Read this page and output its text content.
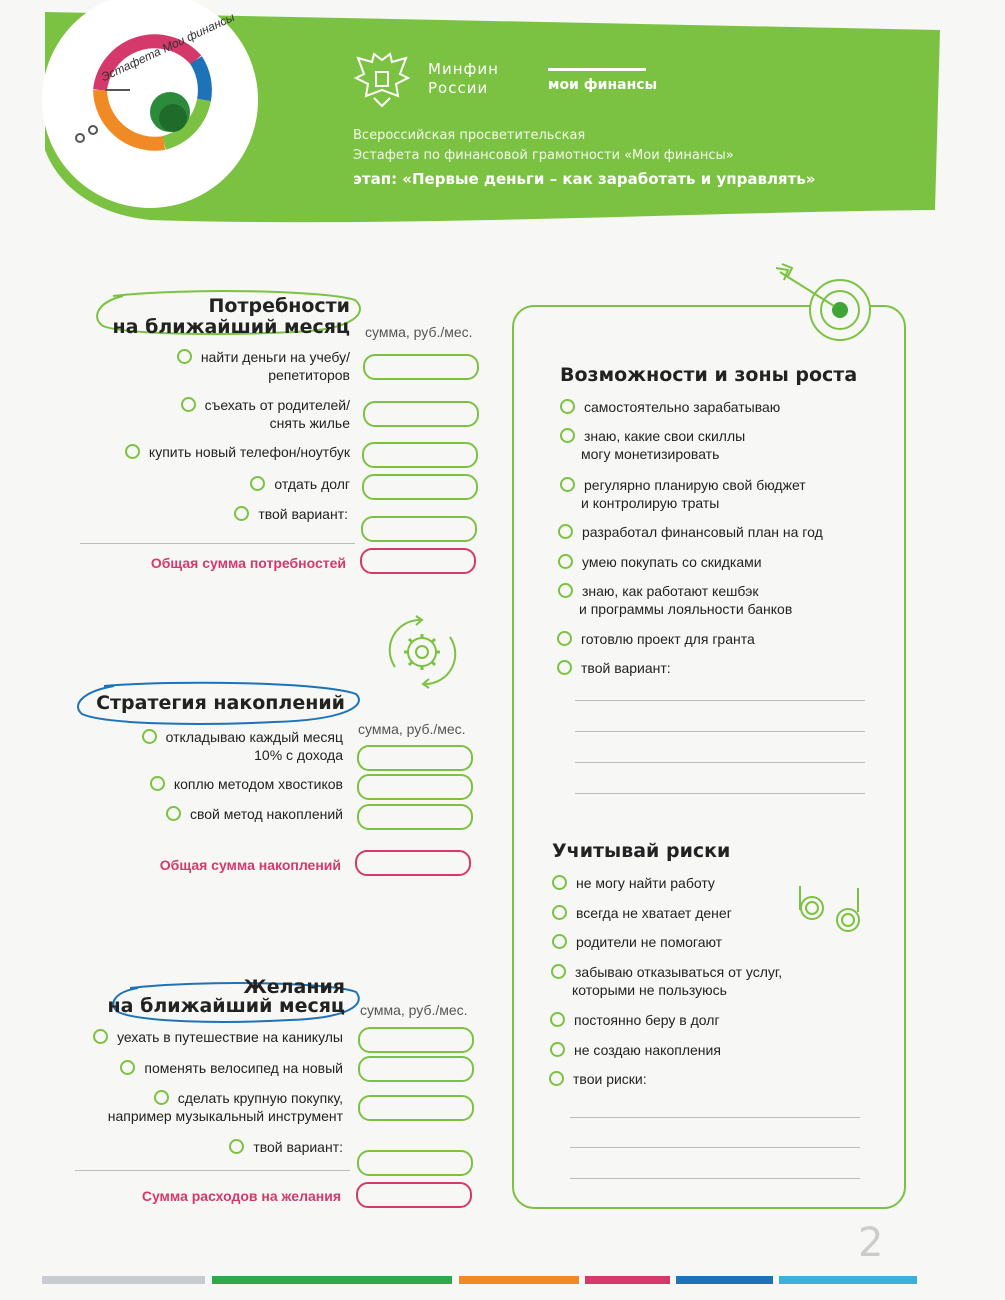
Эстафета Мои финансы	Минфин
России	мои финансы
Всероссийская просветительская
Эстафета по финансовой грамотности «Мои финансы»
этап: «Первые деньги – как заработать и управлять»
Потребности
на ближайший месяц сумма, руб./мес.
найти деньги на учебу/
репетиторов
съехать от родителей/
снять жилье
купить новый телефон/ноутбук
отдать долг
твой вариант:
Общая сумма потребностей
Стратегия накоплений
сумма, руб./мес.
откладываю каждый месяц
10% с дохода
коплю методом хвостиков
свой метод накоплений
Общая сумма накоплений
Желания
на ближайший месяц сумма, руб./мес.
уехать в путешествие на каникулы
поменять велосипед на новый
сделать крупную покупку,
например музыкальный инструмент
твой вариант:
Сумма расходов на желания
Возможности и зоны роста
самостоятельно зарабатываю
знаю, какие свои скиллы
могу монетизировать
регулярно планирую свой бюджет
и контролирую траты
разработал финансовый план на год
умею покупать со скидками
знаю, как работают кешбэк
и программы лояльности банков
готовлю проект для гранта
твой вариант:
Учитывай риски
не могу найти работу
всегда не хватает денег
родители не помогают
забываю отказываться от услуг,
которыми не пользуюсь
постоянно беру в долг
не создаю накопления
твои риски:
2
